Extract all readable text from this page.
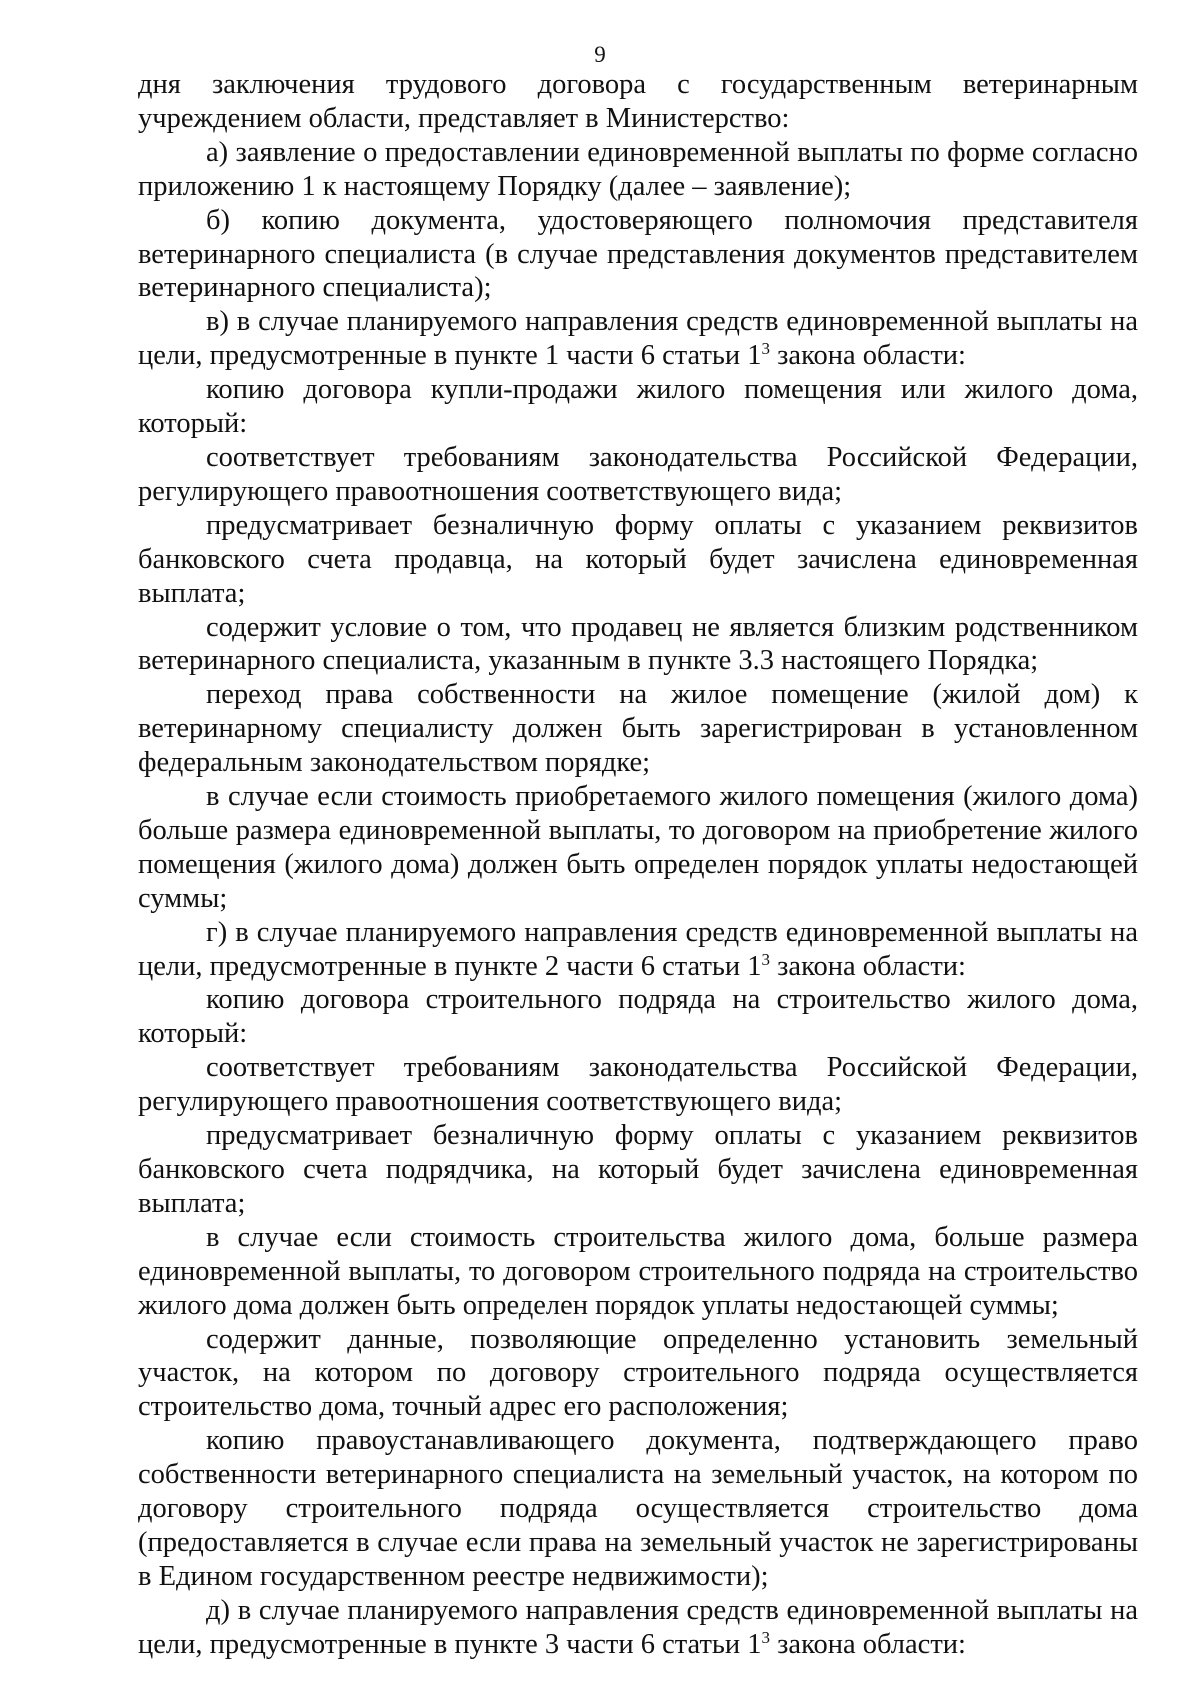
9

дня заключения трудового договора с государственным ветеринарным учреждением области, представляет в Министерство:

а) заявление о предоставлении единовременной выплаты по форме согласно приложению 1 к настоящему Порядку (далее – заявление);

б) копию документа, удостоверяющего полномочия представителя ветеринарного специалиста (в случае представления документов представителем ветеринарного специалиста);

в) в случае планируемого направления средств единовременной выплаты на цели, предусмотренные в пункте 1 части 6 статьи $1^3$ закона области:

копию договора купли-продажи жилого помещения или жилого дома, который:

соответствует требованиям законодательства Российской Федерации, регулирующего правоотношения соответствующего вида;

предусматривает безналичную форму оплаты с указанием реквизитов банковского счета продавца, на который будет зачислена единовременная выплата;

содержит условие о том, что продавец не является близким родственником ветеринарного специалиста, указанным в пункте 3.3 настоящего Порядка;

переход права собственности на жилое помещение (жилой дом) к ветеринарному специалисту должен быть зарегистрирован в установленном федеральным законодательством порядке;

в случае если стоимость приобретаемого жилого помещения (жилого дома) больше размера единовременной выплаты, то договором на приобретение жилого помещения (жилого дома) должен быть определен порядок уплаты недостающей суммы;

г) в случае планируемого направления средств единовременной выплаты на цели, предусмотренные в пункте 2 части 6 статьи $1^3$ закона области:

копию договора строительного подряда на строительство жилого дома, который:

соответствует требованиям законодательства Российской Федерации, регулирующего правоотношения соответствующего вида;

предусматривает безналичную форму оплаты с указанием реквизитов банковского счета подрядчика, на который будет зачислена единовременная выплата;

в случае если стоимость строительства жилого дома, больше размера единовременной выплаты, то договором строительного подряда на строительство жилого дома должен быть определен порядок уплаты недостающей суммы;

содержит данные, позволяющие определенно установить земельный участок, на котором по договору строительного подряда осуществляется строительство дома, точный адрес его расположения;

копию правоустанавливающего документа, подтверждающего право собственности ветеринарного специалиста на земельный участок, на котором по договору строительного подряда осуществляется строительство дома (предоставляется в случае если права на земельный участок не зарегистрированы в Едином государственном реестре недвижимости);

д) в случае планируемого направления средств единовременной выплаты на цели, предусмотренные в пункте 3 части 6 статьи $1^3$ закона области:
